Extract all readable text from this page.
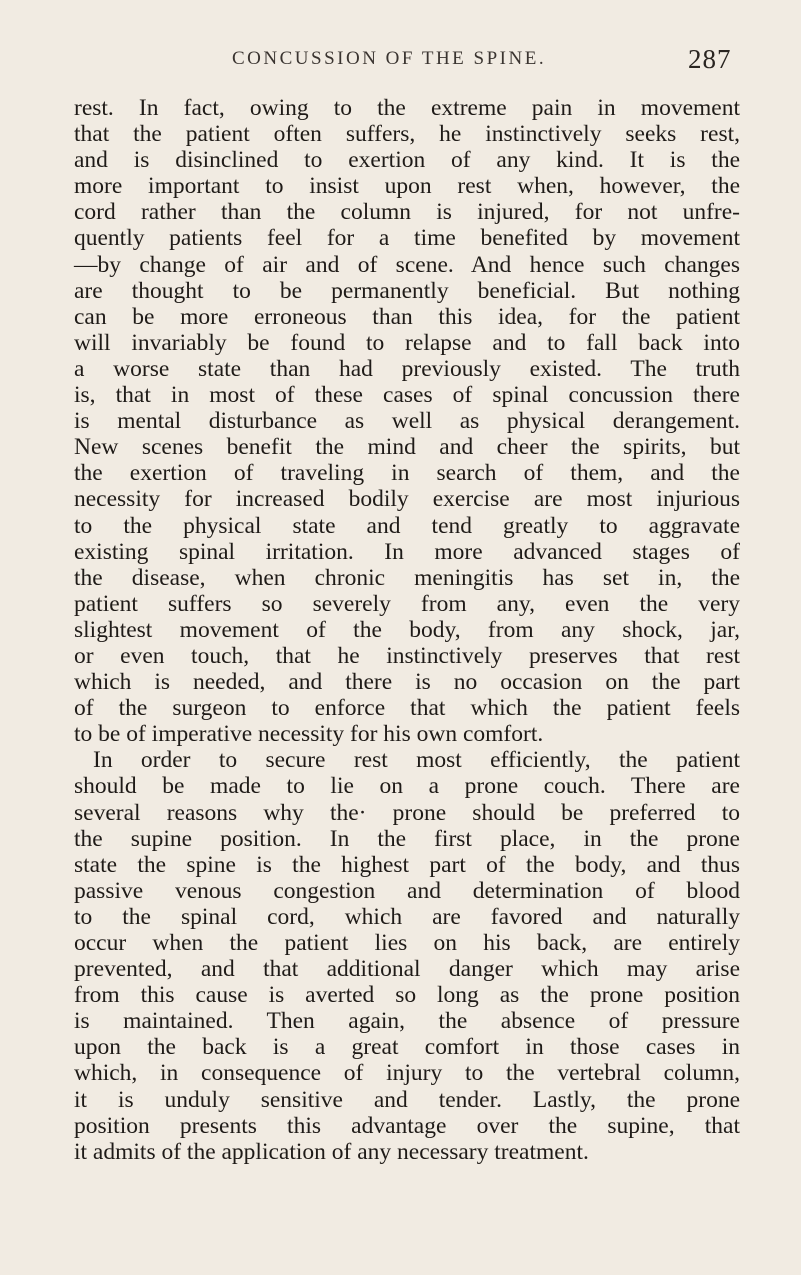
CONCUSSION OF THE SPINE.	287
rest. In fact, owing to the extreme pain in movement
that the patient often suffers, he instinctively seeks rest,
and is disinclined to exertion of any kind. It is the
more important to insist upon rest when, however, the
cord rather than the column is injured, for not unfre-
quently patients feel for a time benefited by movement
—by change of air and of scene. And hence such changes
are thought to be permanently beneficial. But nothing
can be more erroneous than this idea, for the patient
will invariably be found to relapse and to fall back into
a worse state than had previously existed. The truth
is, that in most of these cases of spinal concussion there
is mental disturbance as well as physical derangement.
New scenes benefit the mind and cheer the spirits, but
the exertion of traveling in search of them, and the
necessity for increased bodily exercise are most injurious
to the physical state and tend greatly to aggravate
existing spinal irritation. In more advanced stages of
the disease, when chronic meningitis has set in, the
patient suffers so severely from any, even the very
slightest movement of the body, from any shock, jar,
or even touch, that he instinctively preserves that rest
which is needed, and there is no occasion on the part
of the surgeon to enforce that which the patient feels
to be of imperative necessity for his own comfort.
In order to secure rest most efficiently, the patient
should be made to lie on a prone couch. There are
several reasons why the· prone should be preferred to
the supine position. In the first place, in the prone
state the spine is the highest part of the body, and thus
passive venous congestion and determination of blood
to the spinal cord, which are favored and naturally
occur when the patient lies on his back, are entirely
prevented, and that additional danger which may arise
from this cause is averted so long as the prone position
is maintained. Then again, the absence of pressure
upon the back is a great comfort in those cases in
which, in consequence of injury to the vertebral column,
it is unduly sensitive and tender. Lastly, the prone
position presents this advantage over the supine, that
it admits of the application of any necessary treatment.
